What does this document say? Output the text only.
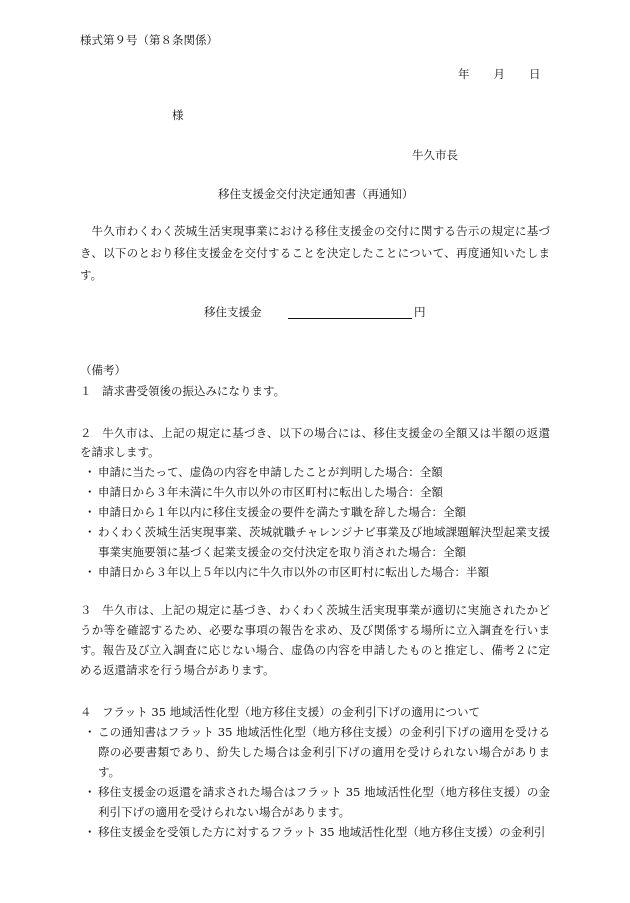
様式第９号（第８条関係）
年 月 日
様
牛久市長
移住支援金交付決定通知書（再通知）
牛久市わくわく茨城生活実現事業における移住支援金の交付に関する告示の規定に基づき、以下のとおり移住支援金を交付することを決定したことについて、再度通知いたします。
移住支援金	円
（備考）
１ 請求書受領後の振込みになります。
２ 牛久市は、上記の規定に基づき、以下の場合には、移住支援金の全額又は半額の返還を請求します。
・ 申請に当たって、虚偽の内容を申請したことが判明した場合：全額
・ 申請日から３年未満に牛久市以外の市区町村に転出した場合：全額
・ 申請日から１年以内に移住支援金の要件を満たす職を辞した場合：全額
・ わくわく茨城生活実現事業、茨城就職チャレンジナビ事業及び地域課題解決型起業支援事業実施要領に基づく起業支援金の交付決定を取り消された場合：全額
・ 申請日から３年以上５年以内に牛久市以外の市区町村に転出した場合：半額
３ 牛久市は、上記の規定に基づき、わくわく茨城生活実現事業が適切に実施されたかどうか等を確認するため、必要な事項の報告を求め、及び関係する場所に立入調査を行います。報告及び立入調査に応じない場合、虚偽の内容を申請したものと推定し、備考２に定める返還請求を行う場合があります。
４ フラット 35 地域活性化型（地方移住支援）の金利引下げの適用について
・ この通知書はフラット 35 地域活性化型（地方移住支援）の金利引下げの適用を受ける際の必要書類であり、紛失した場合は金利引下げの適用を受けられない場合があります。
・ 移住支援金の返還を請求された場合はフラット 35 地域活性化型（地方移住支援）の金利引下げの適用を受けられない場合があります。
・ 移住支援金を受領した方に対するフラット 35 地域活性化型（地方移住支援）の金利引
